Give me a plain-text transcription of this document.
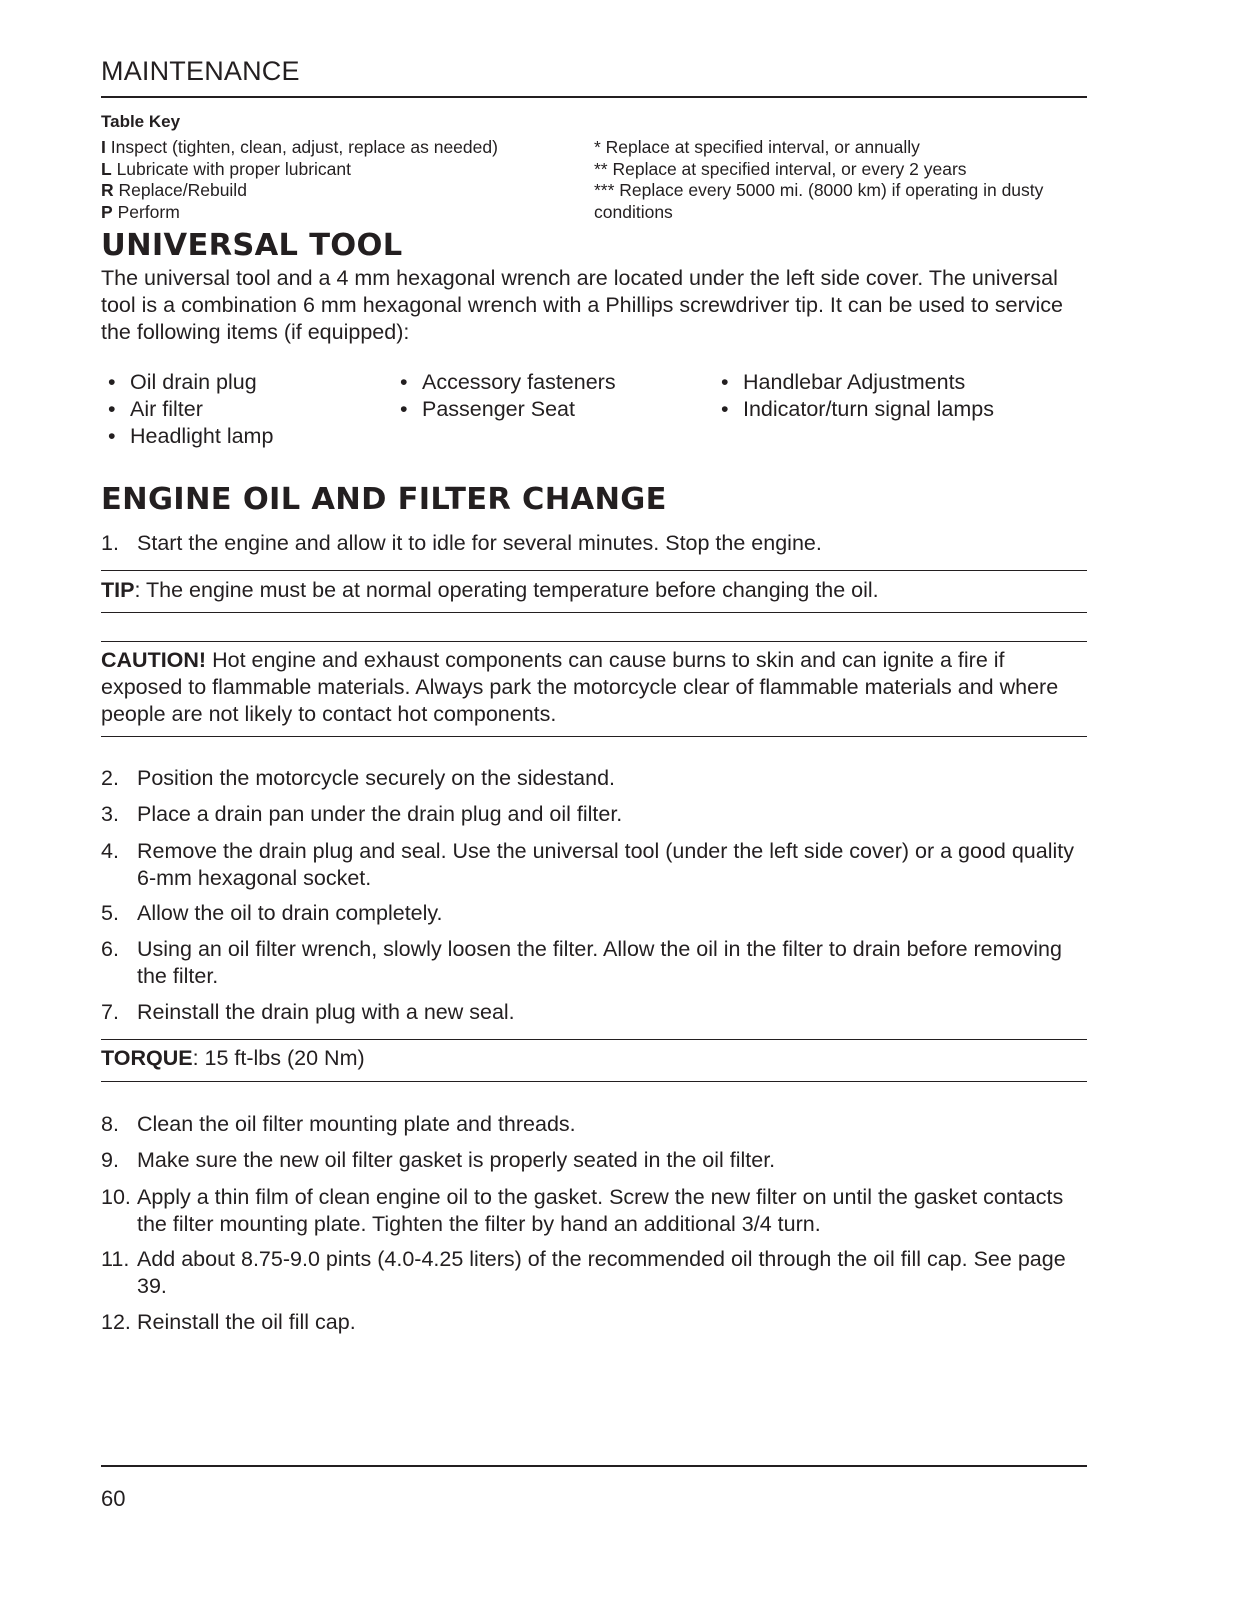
MAINTENANCE
Table Key
I Inspect (tighten, clean, adjust, replace as needed)
L Lubricate with proper lubricant
R Replace/Rebuild
P Perform
* Replace at specified interval, or annually
** Replace at specified interval, or every 2 years
*** Replace every 5000 mi. (8000 km) if operating in dusty
conditions
UNIVERSAL TOOL
The universal tool and a 4 mm hexagonal wrench are located under the left side cover. The universal tool is a combination 6 mm hexagonal wrench with a Phillips screwdriver tip. It can be used to service the following items (if equipped):
• Oil drain plug
• Air filter
• Headlight lamp
• Accessory fasteners
• Passenger Seat
• Handlebar Adjustments
• Indicator/turn signal lamps
ENGINE OIL AND FILTER CHANGE
1. Start the engine and allow it to idle for several minutes. Stop the engine.
TIP: The engine must be at normal operating temperature before changing the oil.
CAUTION! Hot engine and exhaust components can cause burns to skin and can ignite a fire if exposed to flammable materials. Always park the motorcycle clear of flammable materials and where people are not likely to contact hot components.
2. Position the motorcycle securely on the sidestand.
3. Place a drain pan under the drain plug and oil filter.
4. Remove the drain plug and seal. Use the universal tool (under the left side cover) or a good quality 6-mm hexagonal socket.
5. Allow the oil to drain completely.
6. Using an oil filter wrench, slowly loosen the filter. Allow the oil in the filter to drain before removing the filter.
7. Reinstall the drain plug with a new seal.
TORQUE: 15 ft-lbs (20 Nm)
8. Clean the oil filter mounting plate and threads.
9. Make sure the new oil filter gasket is properly seated in the oil filter.
10. Apply a thin film of clean engine oil to the gasket. Screw the new filter on until the gasket contacts the filter mounting plate. Tighten the filter by hand an additional 3/4 turn.
11. Add about 8.75-9.0 pints (4.0-4.25 liters) of the recommended oil through the oil fill cap. See page 39.
12. Reinstall the oil fill cap.
60
